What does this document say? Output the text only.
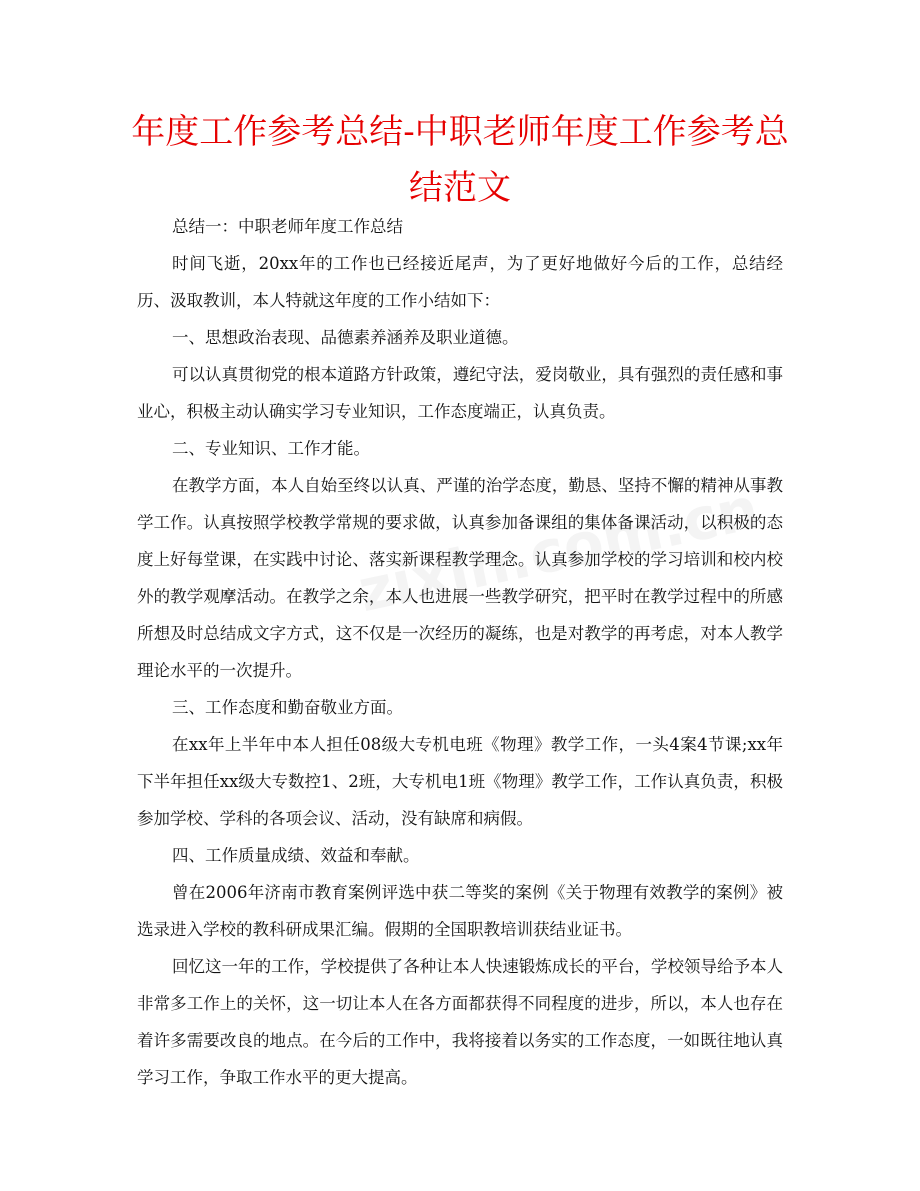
年度工作参考总结-中职老师年度工作参考总结范文

总结一：中职老师年度工作总结

时间飞逝，20xx年的工作也已经接近尾声，为了更好地做好今后的工作，总结经历、汲取教训，本人特就这年度的工作小结如下：

一、思想政治表现、品德素养涵养及职业道德。

可以认真贯彻党的根本道路方针政策，遵纪守法，爱岗敬业，具有强烈的责任感和事业心，积极主动认确实学习专业知识，工作态度端正，认真负责。

二、专业知识、工作才能。

在教学方面，本人自始至终以认真、严谨的治学态度，勤恳、坚持不懈的精神从事教学工作。认真按照学校教学常规的要求做，认真参加备课组的集体备课活动，以积极的态度上好每堂课，在实践中讨论、落实新课程教学理念。认真参加学校的学习培训和校内校外的教学观摩活动。在教学之余，本人也进展一些教学研究，把平时在教学过程中的所感所想及时总结成文字方式，这不仅是一次经历的凝练，也是对教学的再考虑，对本人教学理论水平的一次提升。

三、工作态度和勤奋敬业方面。

在xx年上半年中本人担任08级大专机电班《物理》教学工作，一头4案4节课;xx年下半年担任xx级大专数控1、2班，大专机电1班《物理》教学工作，工作认真负责，积极参加学校、学科的各项会议、活动，没有缺席和病假。

四、工作质量成绩、效益和奉献。

曾在2006年济南市教育案例评选中获二等奖的案例《关于物理有效教学的案例》被选录进入学校的教科研成果汇编。假期的全国职教培训获结业证书。

回忆这一年的工作，学校提供了各种让本人快速锻炼成长的平台，学校领导给予本人非常多工作上的关怀，这一切让本人在各方面都获得不同程度的进步，所以，本人也存在着许多需要改良的地点。在今后的工作中，我将接着以务实的工作态度，一如既往地认真学习工作，争取工作水平的更大提高。
